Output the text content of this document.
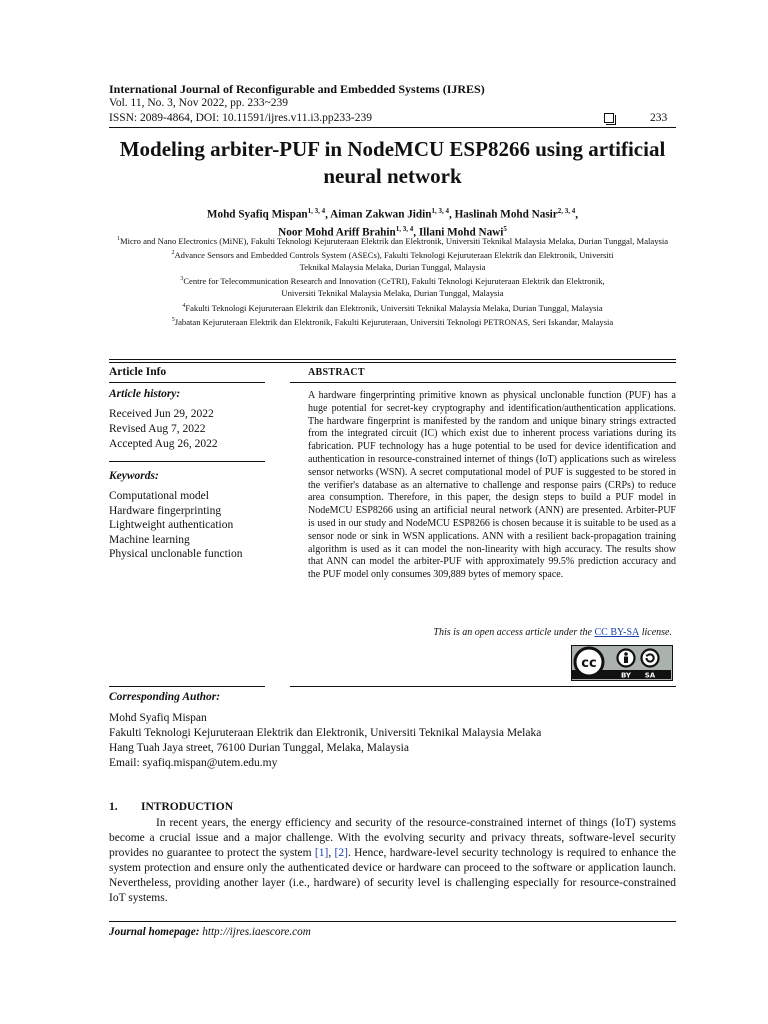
International Journal of Reconfigurable and Embedded Systems (IJRES)
Vol. 11, No. 3, Nov 2022, pp. 233~239
ISSN: 2089-4864, DOI: 10.11591/ijres.v11.i3.pp233-239	233
Modeling arbiter-PUF in NodeMCU ESP8266 using artificial neural network
Mohd Syafiq Mispan$^{1, 3, 4}$, Aiman Zakwan Jidin$^{1, 3, 4}$, Haslinah Mohd Nasir$^{2, 3, 4}$,
Noor Mohd Ariff Brahin$^{1, 3, 4}$, Illani Mohd Nawi$^5$
$^1$Micro and Nano Electronics (MiNE), Fakulti Teknologi Kejuruteraan Elektrik dan Elektronik, Universiti Teknikal Malaysia Melaka, Durian Tunggal, Malaysia
$^2$Advance Sensors and Embedded Controls System (ASECs), Fakulti Teknologi Kejuruteraan Elektrik dan Elektronik, Universiti Teknikal Malaysia Melaka, Durian Tunggal, Malaysia
$^3$Centre for Telecommunication Research and Innovation (CeTRI), Fakulti Teknologi Kejuruteraan Elektrik dan Elektronik, Universiti Teknikal Malaysia Melaka, Durian Tunggal, Malaysia
$^4$Fakulti Teknologi Kejuruteraan Elektrik dan Elektronik, Universiti Teknikal Malaysia Melaka, Durian Tunggal, Malaysia
$^5$Jabatan Kejuruteraan Elektrik dan Elektronik, Fakulti Kejuruteraan, Universiti Teknologi PETRONAS, Seri Iskandar, Malaysia
Article Info
Article history:
Received Jun 29, 2022
Revised Aug 7, 2022
Accepted Aug 26, 2022
Keywords:
Computational model
Hardware fingerprinting
Lightweight authentication
Machine learning
Physical unclonable function
ABSTRACT
A hardware fingerprinting primitive known as physical unclonable function (PUF) has a huge potential for secret-key cryptography and identification/authentication applications. The hardware fingerprint is manifested by the random and unique binary strings extracted from the integrated circuit (IC) which exist due to inherent process variations during its fabrication. PUF technology has a huge potential to be used for device identification and authentication in resource-constrained internet of things (IoT) applications such as wireless sensor networks (WSN). A secret computational model of PUF is suggested to be stored in the verifier's database as an alternative to challenge and response pairs (CRPs) to reduce area consumption. Therefore, in this paper, the design steps to build a PUF model in NodeMCU ESP8266 using an artificial neural network (ANN) are presented. Arbiter-PUF is used in our study and NodeMCU ESP8266 is chosen because it is suitable to be used as a sensor node or sink in WSN applications. ANN with a resilient back-propagation training algorithm is used as it can model the non-linearity with high accuracy. The results show that ANN can model the arbiter-PUF with approximately 99.5% prediction accuracy and the PUF model only consumes 309,889 bytes of memory space.
This is an open access article under the CC BY-SA license.
cc
BY SA
Corresponding Author:
Mohd Syafiq Mispan
Fakulti Teknologi Kejuruteraan Elektrik dan Elektronik, Universiti Teknikal Malaysia Melaka
Hang Tuah Jaya street, 76100 Durian Tunggal, Melaka, Malaysia
Email: syafiq.mispan@utem.edu.my
1. INTRODUCTION
In recent years, the energy efficiency and security of the resource-constrained internet of things (IoT) systems become a crucial issue and a major challenge. With the evolving security and privacy threats, software-level security provides no guarantee to protect the system [1], [2]. Hence, hardware-level security technology is required to enhance the system protection and ensure only the authenticated device or hardware can proceed to the software or application launch. Nevertheless, providing another layer (i.e., hardware) of security level is challenging especially for resource-constrained IoT systems.
Journal homepage: http://ijres.iaescore.com
